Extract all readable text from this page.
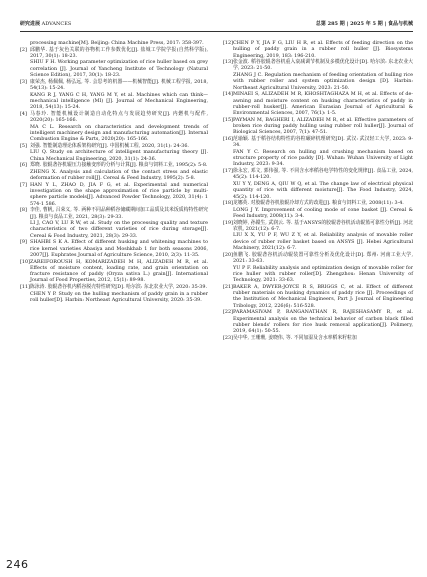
研究进展 ADVANCES	总第 285 期 | 2025 年 5 期 | 食品与机械
processing machine[M]. Beijing: China Machine Press, 2017: 358-397.
[2] 邱鹏华. 基于灰色关联的谷物机工作参数优化[J]. 盐城工学院学报(自然科学版), 2017, 30(1): 18-23.
SHIU F H. Working parameter optimization of rice huller based on grey correlation [J]. Journal of Yancheng Institute of Technology (Natural Science Edition), 2017, 30(1): 18-23.
[3] 康荣杰, 杨佩佩, 杨弘远, 等. 会思考的机器——机械智能[J]. 机械工程学报, 2018, 54(13): 15-24.
KANG R J, YANG C H, YANG M Y, et al. Machines which can think—mechanical intelligence (MI) [J]. Journal of Mechanical Engineering, 2018, 54(13): 15-24.
[4] 马春玲. 智能机械设计制造自动化特点与发展趋势研究[J]. 内燃机与配件, 2020(20): 165-166.
MA C L. Research on characteristics and development trends of intelligent machinery design and manufacturing automation[J]. Internal Combustion Engine & Parts, 2020(20): 165-166.
[5] 刘强. 智能制造理论体系架构研究[J]. 中国机械工程, 2020, 31(1): 24-36.
LIU Q. Study on architecture of intelligent manufacturing theory [J]. China Mechanical Engineering, 2020, 31(1): 24-36.
[6] 郑晓. 胶辊砻谷机辊压力接触变形的分析与计算[J]. 粮食与饲料工业, 1995(2): 5-8.
ZHENG X. Analysis and calculation of the contact stress and elastic deformation of rubber roll[J]. Cereal & Feed Industry, 1995(2): 5-8.
[7] HAN Y L, ZHAO D, JIA F G, et al. Experimental and numerical investigation on the shape approximation of rice particle by multi-sphere particle models[J]. Advanced Powder Technology, 2020, 31(4): 1 574-1 586.
[8] 李佳, 曹帆, 吕荣义, 等. 两种不同品种稻谷储藏期间加工品质及其米饭质构特性研究[J]. 粮食与食品工业, 2021, 28(3): 29-33.
LI J, CAO V, LU R W, et al. Study on the processing quality and texture characteristics of two different varieties of rice during storage[J]. Cereal & Food Industry, 2021, 28(3): 29-33.
[9] SHAHBI S K A. Effect of different husking and whitening machines to rice kernel varieties Abasiya and Moshkhab 1 for both seasons 2006, 2007[J]. Euphrates Journal of Agriculture Science, 2010, 2(3): 11-35.
[10] ZAREIFOROUSH H, KOMARIZADEH M H, ALIZADEH M R, et al. Effects of moisture content, loading rate, and grain orientation on fracture resistance of paddy (Oryza sativa L.) grain[J]. International Journal of Food Properties, 2012, 15(1): 89-98.
[11] 陈泳涛. 胶辊砻谷机内稻谷脱壳特性研究[D]. 哈尔滨: 东北农业大学, 2020: 35-39.
CHEN Y P. Study on the hulling mechanism of paddy grain in a rubber roll huller[D]. Harbin: Northeast Agricultural University, 2020: 35-39.
[12] CHEN P Y, JIA F G, LIU H R, et al. Effects of feeding direction on the hulling of paddy grain in a rubber roll huller [J]. Biosystems Engineering, 2019, 183: 196-210.
[13] 张金波. 稻谷胶辊砻谷机重入衰减调节机制及多模优化设计[D]. 哈尔滨: 东北农业大学, 2023: 21-50.
ZHANG J C. Regulation mechanism of feeding orientation of hulling rice with rubber roller and system optimization design [D]. Harbin: Northeast Agricultural University, 2023: 21-50.
[14] MINAEI S, ALIZADEH M R, KHOSHTAGHAZA M H, et al. Effects of de-awning and moisture content on husking characteristics of paddy in rubber-roll husker[J]. American Eurasian Journal of Agricultural & Environmental Sciences, 2007, 76(1): 1-5.
[15] PAYMAN M, BAGHERI I, ALIZADEH M R, et al. Effective parameters of broken rice during paddy hulling using rubber roll huller[J]. Journal of Biological Sciences, 2007, 7(1): 47-51.
[16] 范瑜颖. 基于稻谷结构特性的谷粒碾碎机理研究[D]. 武汉: 武汉轻工大学, 2023: 9-34.
FAN Y C. Research on hulling and crushing mechanism based on structure property of rice paddy [D]. Wuhan: Wuhan University of Light Industry, 2023: 9-34.
[17] 徐永宏, 邓文, 郭伟强, 等. 不同含水率稻谷电学特性的变化规律[J]. 食品工业, 2024, 45(2): 114-120.
XU Y Y, DENG A, QIU W Q, et al. The change law of electrical physical quantity of rice with different moisture[J]. The Food Industry, 2024, 45(2): 114-120.
[18] 龙娜英. 对胶辊砻谷机胶辊冷却方式的改进[J]. 粮食与饲料工业, 2008(11): 3-4.
LONG J Y. Improvement of cooling mode of cone basket [J]. Cereal & Feed Industry, 2008(11): 3-4.
[19] 刘晓婷, 孙赣生, 武润云. 等. 基于ANSYS的胶辊砻谷机活动辊篮可靠性分析[J]. 河北农机, 2021(12): 6-7.
LIU X X, YU P F, WU Z Y, et al. Reliability analysis of movable roller device of rubber roller basket based on ANSYS [J]. Hebei Agricultural Machinery, 2021(12): 6-7.
[20] 鱼鹏飞. 胶辊砻谷机活动辊装置可靠性分析及优化设计[D]. 郑州: 河南工业大学, 2021: 33-63.
YU P F. Reliability analysis and optimization design of movable roller for rice huller with rubber roller[D]. Zhengzhou: Henan University of Technology, 2021: 33-63.
[21] BAKER A, DWYER-JOYCE R S, BRIGGS C, et al. Effect of different rubber materials on husking dynamics of paddy rice [J]. Proceedings of the Institution of Mechanical Engineers, Part J: Journal of Engineering Tribology, 2012, 226(6): 516-528.
[22] PARAMASIVAM P, RANGANATHAN R, RAJESHASAMY R, et al. Experimental analysis on the technical behavior of carbon black filled rubber blends' rollers for rice husk removal application[J]. Polimery, 2019, 64(1): 50-55.
[23] 吴中华, 王珊珊, 姜晓伟, 等. 不同加湿及含水率稻米籽粒加
246
